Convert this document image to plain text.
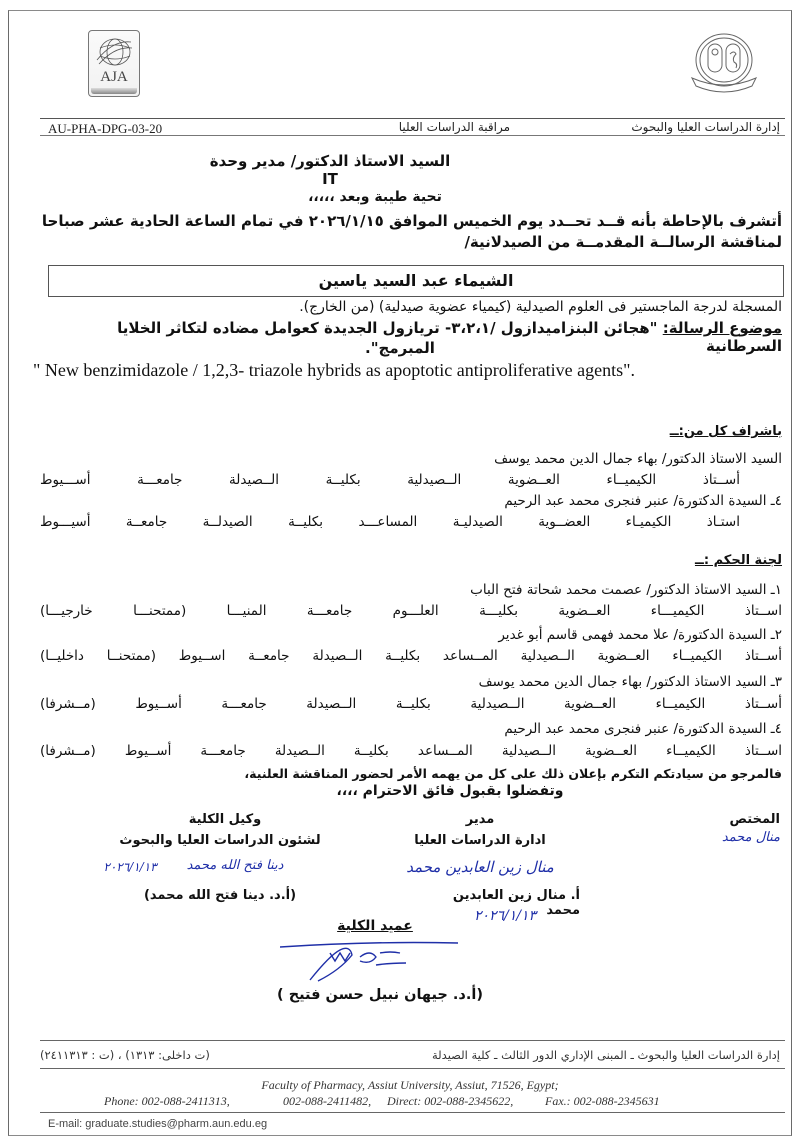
AJA
AU-PHA-DPG-03-20	مراقبة الدراسات العليا	إدارة الدراسات العليا والبحوث
السيد الاستاذ الدكتور/ مدير وحدة IT
تحية طيبة وبعد ،،،،،
أتشرف بالإحاطة بأنه قــد تحــدد يوم الخميس الموافق ٢٠٢٦/١/١٥ في تمام الساعة الحادية عشر صباحا
لمناقشة الرسالــة المقدمــة من الصيدلانية/
الشيماء عبد السيد ياسين
المسجلة لدرجة الماجستير فى العلوم الصيدلية (كيمياء عضوية صيدلية) (من الخارج).
موضوع الرسالة: "هجائن البنزاميدازول /٣،٢،١- تريازول الجديدة كعوامل مضاده لتكاثر الخلايا السرطانية
المبرمج".
" New benzimidazole / 1,2,3- triazole hybrids as apoptotic antiproliferative agents".
باشراف كل من:ــ
السيد الاستاذ الدكتور/ بهاء جمال الدين محمد يوسف
أســتاذ الكيميــاء العــضوية الــصيدلية بكليــة الــصيدلة جامعـــة أســـيوط
٤ـ السيدة الدكتورة/ عنبر فنجرى محمد عبد الرحيم
استـاذ الكيميـاء العضــوية الصيدليـة المساعـــد بكليــة الصيدلــة جامعــة أسيـــوط
لجنة الحكم :ــ
١ـ السيد الاستاذ الدكتور/ عصمت محمد شحاتة فتح الباب
اســتاذ الكيميـــاء العــضوية بكليـــة العلـــوم جامعـــة المنيـــا (ممتحنـــا خارجيـــا)
٢ـ السيدة الدكتورة/ علا محمد فهمى قاسم أبو غدير
أســتاذ الكيميــاء العــضوية الــصيدلية المــساعد بكليــة الــصيدلة جامعــة اســيوط (ممتحنــا داخليــا)
٣ـ السيد الاستاذ الدكتور/ بهاء جمال الدين محمد يوسف
أســتاذ الكيميــاء العــضوية الــصيدلية بكليــة الــصيدلة جامعـــة أســيوط (مــشرفا)
٤ـ السيدة الدكتورة/ عنبر فنجرى محمد عبد الرحيم
اســتاذ الكيميــاء العــضوية الــصيدلية المــساعد بكليــة الــصيدلة جامعـــة أســيوط (مــشرفا)
فالمرجو من سيادتكم التكرم بإعلان ذلك على كل من يهمه الأمر لحضور المناقشة العلنية،
وتفضلوا بقبول فائق الاحترام ،،،،
المختص
منال محمد
مدير
ادارة الدراسات العليا
منال زين العابدين محمد
أ. منال زين العابدين محمد
٢٠٢٦/١/١٣
وكيل الكلية
لشئون الدراسات العليا والبحوث
دينا فتح الله محمد
٢٠٢٦/١/١٣
(أ.د. دينا فتح الله محمد)
عميد الكلية
(أ.د. جيهان نبيل حسن فتيح )
إدارة الدراسات العليا والبحوث ـ المبنى الإداري الدور الثالث ـ كلية الصيدلة
(ت داخلى: ١٣١٣) ، (ت : ٢٤١١٣١٣)
Faculty of Pharmacy, Assiut University, Assiut, 71526, Egypt;
Phone: 002-088-2411313,	002-088-2411482, Direct: 002-088-2345622,	Fax.: 002-088-2345631
E-mail: graduate.studies@pharm.aun.edu.eg
